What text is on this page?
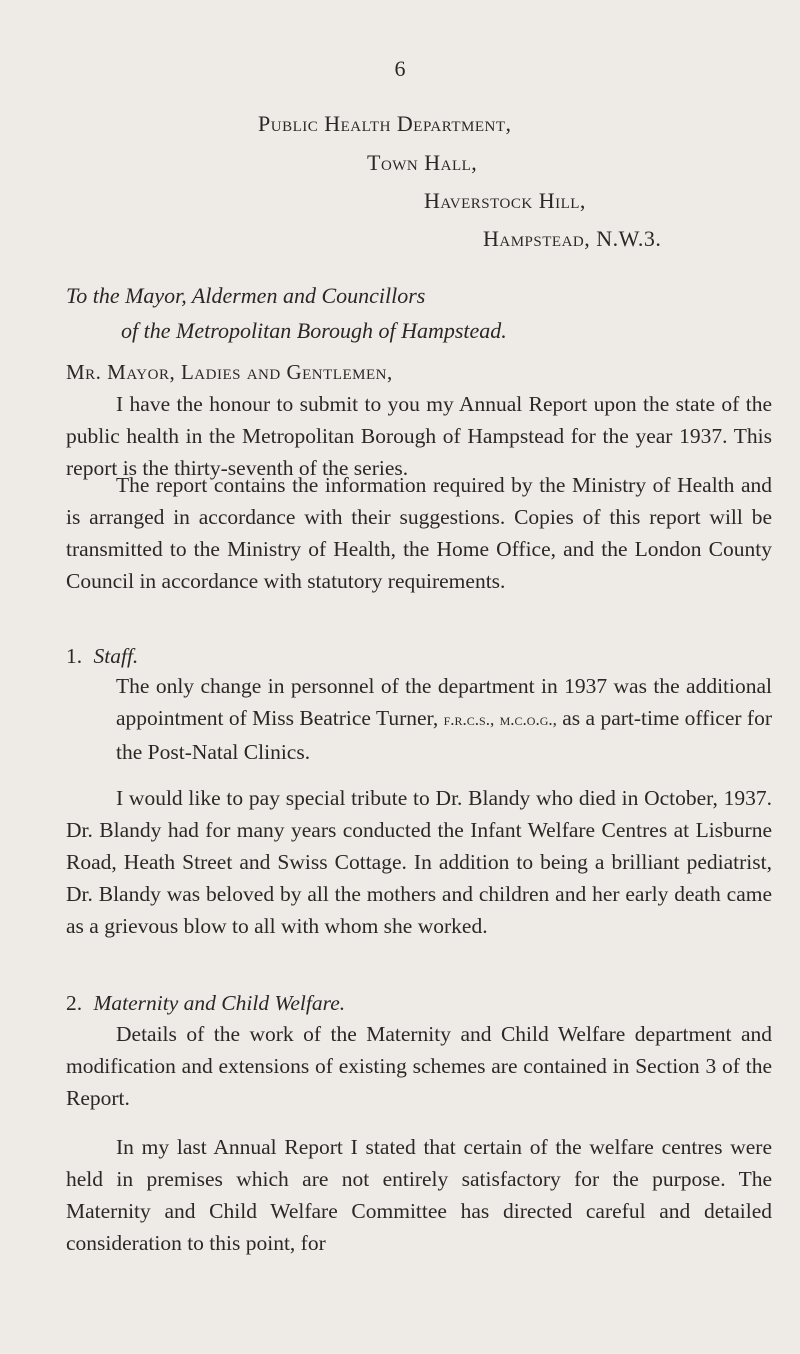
6
Public Health Department,
Town Hall,
Haverstock Hill,
Hampstead, N.W.3.
To the Mayor, Aldermen and Councillors
of the Metropolitan Borough of Hampstead.
Mr. Mayor, Ladies and Gentlemen,
I have the honour to submit to you my Annual Report upon the state of the public health in the Metropolitan Borough of Hampstead for the year 1937. This report is the thirty-seventh of the series.
The report contains the information required by the Ministry of Health and is arranged in accordance with their suggestions. Copies of this report will be transmitted to the Ministry of Health, the Home Office, and the London County Council in accordance with statutory requirements.
1. Staff.
The only change in personnel of the department in 1937 was the additional appointment of Miss Beatrice Turner, f.r.c.s., m.c.o.g., as a part-time officer for the Post-Natal Clinics.
I would like to pay special tribute to Dr. Blandy who died in October, 1937. Dr. Blandy had for many years conducted the Infant Welfare Centres at Lisburne Road, Heath Street and Swiss Cottage. In addition to being a brilliant pediatrist, Dr. Blandy was beloved by all the mothers and children and her early death came as a grievous blow to all with whom she worked.
2. Maternity and Child Welfare.
Details of the work of the Maternity and Child Welfare department and modification and extensions of existing schemes are contained in Section 3 of the Report.
In my last Annual Report I stated that certain of the welfare centres were held in premises which are not entirely satisfactory for the purpose. The Maternity and Child Welfare Committee has directed careful and detailed consideration to this point, for
